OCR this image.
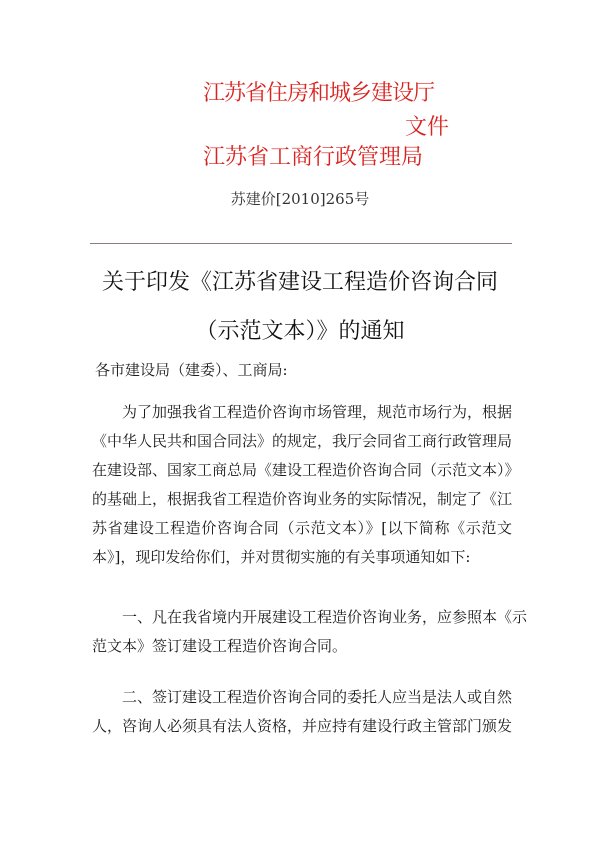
江苏省住房和城乡建设厅
文件
江苏省工商行政管理局
苏建价[2010]265号
关于印发《江苏省建设工程造价咨询合同
（示范文本）》的通知
各市建设局（建委）、工商局:
　　为了加强我省工程造价咨询市场管理，规范市场行为，根据
《中华人民共和国合同法》的规定，我厅会同省工商行政管理局
在建设部、国家工商总局《建设工程造价咨询合同（示范文本）》
的基础上，根据我省工程造价咨询业务的实际情况，制定了《江
苏省建设工程造价咨询合同（示范文本）》[以下简称《示范文
本》]，现印发给你们，并对贯彻实施的有关事项通知如下:
　　一、凡在我省境内开展建设工程造价咨询业务，应参照本《示
范文本》签订建设工程造价咨询合同。
　　二、签订建设工程造价咨询合同的委托人应当是法人或自然
人，咨询人必须具有法人资格，并应持有建设行政主管部门颁发
